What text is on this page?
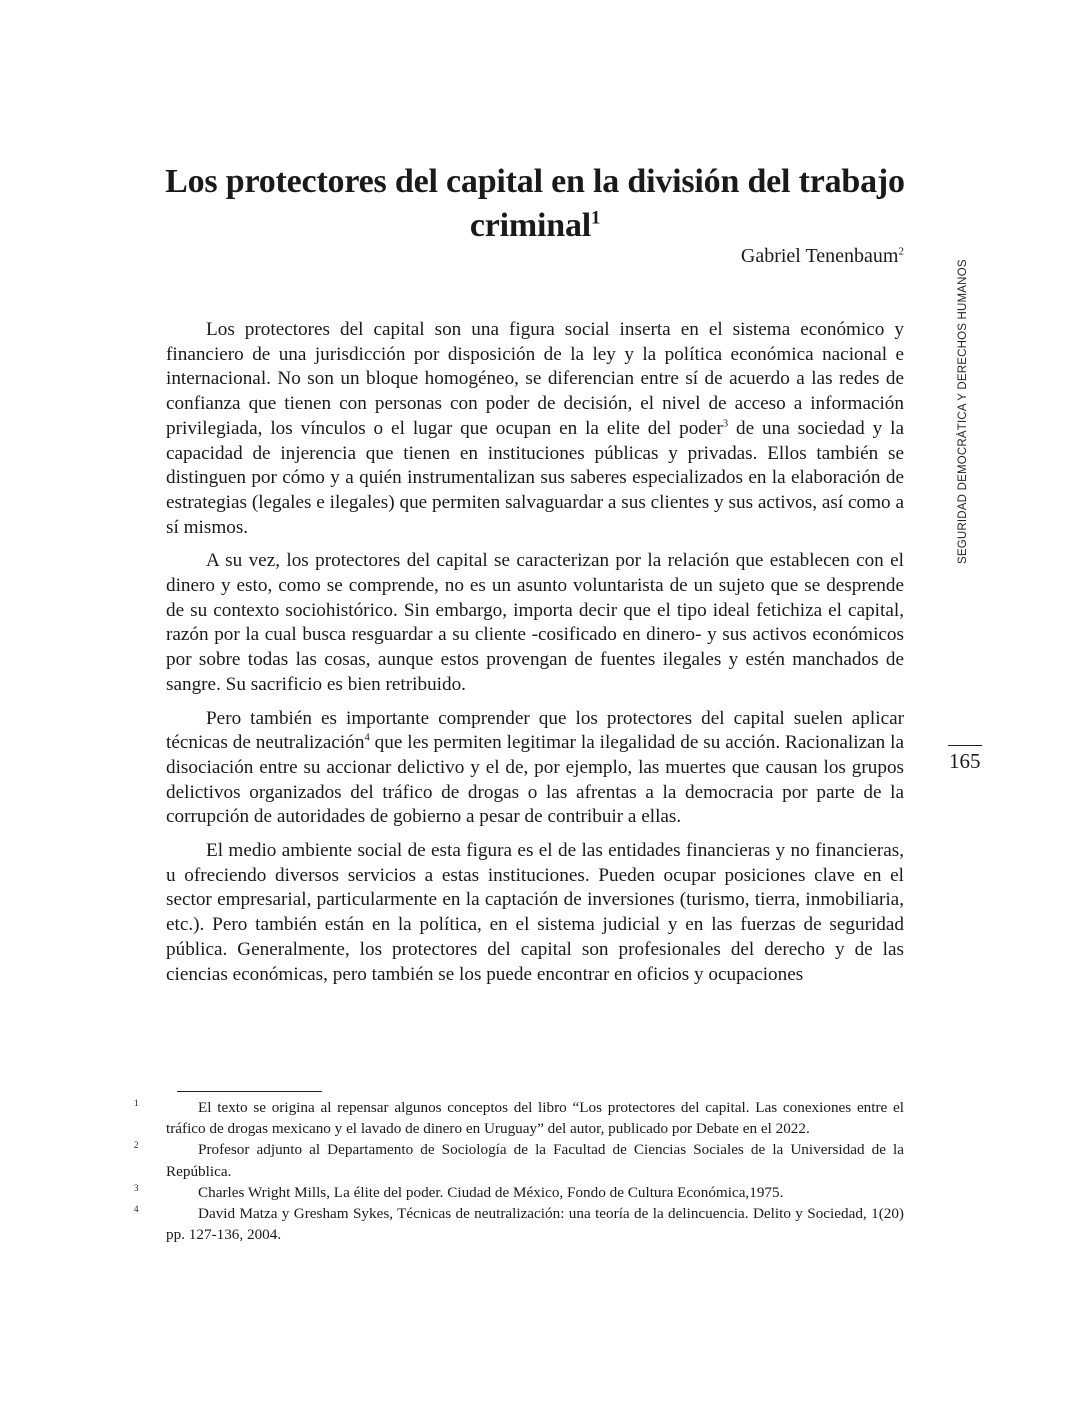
Los protectores del capital en la división del trabajo criminal$^1$
Gabriel Tenenbaum$^2$
SEGURIDAD DEMOCRÁTICA Y DERECHOS HUMANOS
165

Los protectores del capital son una figura social inserta en el sistema económico y financiero de una jurisdicción por disposición de la ley y la política económica nacional e internacional. No son un bloque homogéneo, se diferencian entre sí de acuerdo a las redes de confianza que tienen con personas con poder de decisión, el nivel de acceso a información privilegiada, los vínculos o el lugar que ocupan en la elite del poder$^3$ de una sociedad y la capacidad de injerencia que tienen en instituciones públicas y privadas. Ellos también se distinguen por cómo y a quién instrumentalizan sus saberes especializados en la elaboración de estrategias (legales e ilegales) que permiten salvaguardar a sus clientes y sus activos, así como a sí mismos.

A su vez, los protectores del capital se caracterizan por la relación que establecen con el dinero y esto, como se comprende, no es un asunto voluntarista de un sujeto que se desprende de su contexto sociohistórico. Sin embargo, importa decir que el tipo ideal fetichiza el capital, razón por la cual busca resguardar a su cliente -cosificado en dinero- y sus activos económicos por sobre todas las cosas, aunque estos provengan de fuentes ilegales y estén manchados de sangre. Su sacrificio es bien retribuido.

Pero también es importante comprender que los protectores del capital suelen aplicar técnicas de neutralización$^4$ que les permiten legitimar la ilegalidad de su acción. Racionalizan la disociación entre su accionar delictivo y el de, por ejemplo, las muertes que causan los grupos delictivos organizados del tráfico de drogas o las afrentas a la democracia por parte de la corrupción de autoridades de gobierno a pesar de contribuir a ellas.

El medio ambiente social de esta figura es el de las entidades financieras y no financieras, u ofreciendo diversos servicios a estas instituciones. Pueden ocupar posiciones clave en el sector empresarial, particularmente en la captación de inversiones (turismo, tierra, inmobiliaria, etc.). Pero también están en la política, en el sistema judicial y en las fuerzas de seguridad pública. Generalmente, los protectores del capital son profesionales del derecho y de las ciencias económicas, pero también se los puede encontrar en oficios y ocupaciones

1	El texto se origina al repensar algunos conceptos del libro “Los protectores del capital. Las conexiones entre el tráfico de drogas mexicano y el lavado de dinero en Uruguay” del autor, publicado por Debate en el 2022.

2	Profesor adjunto al Departamento de Sociología de la Facultad de Ciencias Sociales de la Universidad de la República.

3	Charles Wright Mills, La élite del poder. Ciudad de México, Fondo de Cultura Económica,1975.

4	David Matza y Gresham Sykes, Técnicas de neutralización: una teoría de la delincuencia. Delito y Sociedad, 1(20) pp. 127-136, 2004.
